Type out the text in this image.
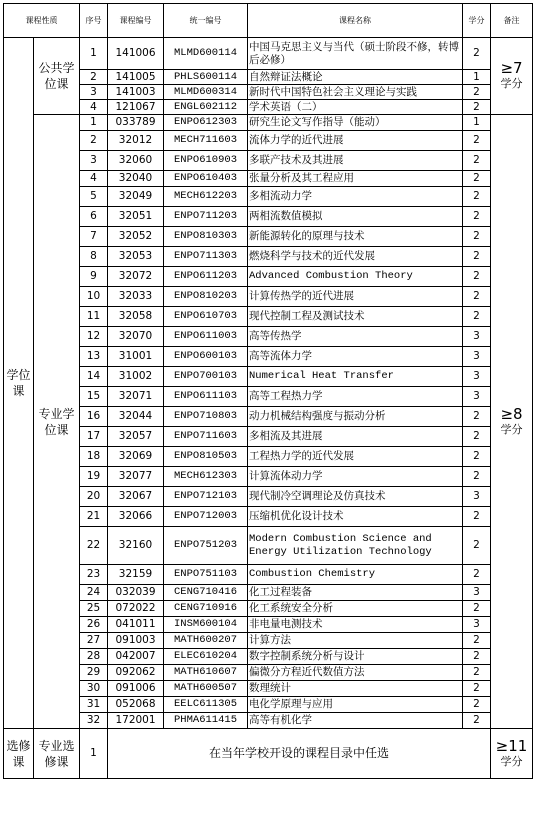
课程性质		序号	课程编号	统一编号	课程名称	学分	备注
学位课	公共学位课	1	141006	MLMD600114	中国马克思主义与当代（硕士阶段不修，转博后必修）	2	≥7
学分
		2	141005	PHLS600114	自然辩证法概论	1	
		3	141003	MLMD600314	新时代中国特色社会主义理论与实践	2	
		4	121067	ENGL602112	学术英语（二）	2	
	专业学位课	1	033789	ENPO612303	研究生论文写作指导（能动）	1	≥8
学分
		2	32012	MECH711603	流体力学的近代进展	2	
		3	32060	ENPO610903	多联产技术及其进展	2	
		4	32040	ENPO610403	张量分析及其工程应用	2	
		5	32049	MECH612203	多相流动力学	2	
		6	32051	ENPO711203	两相流数值模拟	2	
		7	32052	ENPO810303	新能源转化的原理与技术	2	
		8	32053	ENPO711303	燃烧科学与技术的近代发展	2	
		9	32072	ENPO611203	Advanced Combustion Theory	2	
		10	32033	ENPO810203	计算传热学的近代进展	2	
		11	32058	ENPO610703	现代控制工程及测试技术	2	
		12	32070	ENPO611003	高等传热学	3	
		13	31001	ENPO600103	高等流体力学	3	
		14	31002	ENPO700103	Numerical Heat Transfer	3	
		15	32071	ENPO611103	高等工程热力学	3	
		16	32044	ENPO710803	动力机械结构强度与振动分析	2	
		17	32057	ENPO711603	多相流及其进展	2	
		18	32069	ENPO810503	工程热力学的近代发展	2	
		19	32077	MECH612303	计算流体动力学	2	
		20	32067	ENPO712103	现代制冷空调理论及仿真技术	3	
		21	32066	ENPO712003	压缩机优化设计技术	2	
		22	32160	ENPO751203	Modern Combustion Science and Energy Utilization Technology	2	
		23	32159	ENPO751103	Combustion Chemistry	2	
		24	032039	CENG710416	化工过程装备	3	
		25	072022	CENG710916	化工系统安全分析	2	
		26	041011	INSM600104	非电量电测技术	3	
		27	091003	MATH600207	计算方法	2	
		28	042007	ELEC610204	数字控制系统分析与设计	2	
		29	092062	MATH610607	偏微分方程近代数值方法	2	
		30	091006	MATH600507	数理统计	2	
		31	052068	EELC611305	电化学原理与应用	2	
		32	172001	PHMA611415	高等有机化学	2	
选修课	专业选修课	1	在当年学校开设的课程目录中任选				≥11
学分
